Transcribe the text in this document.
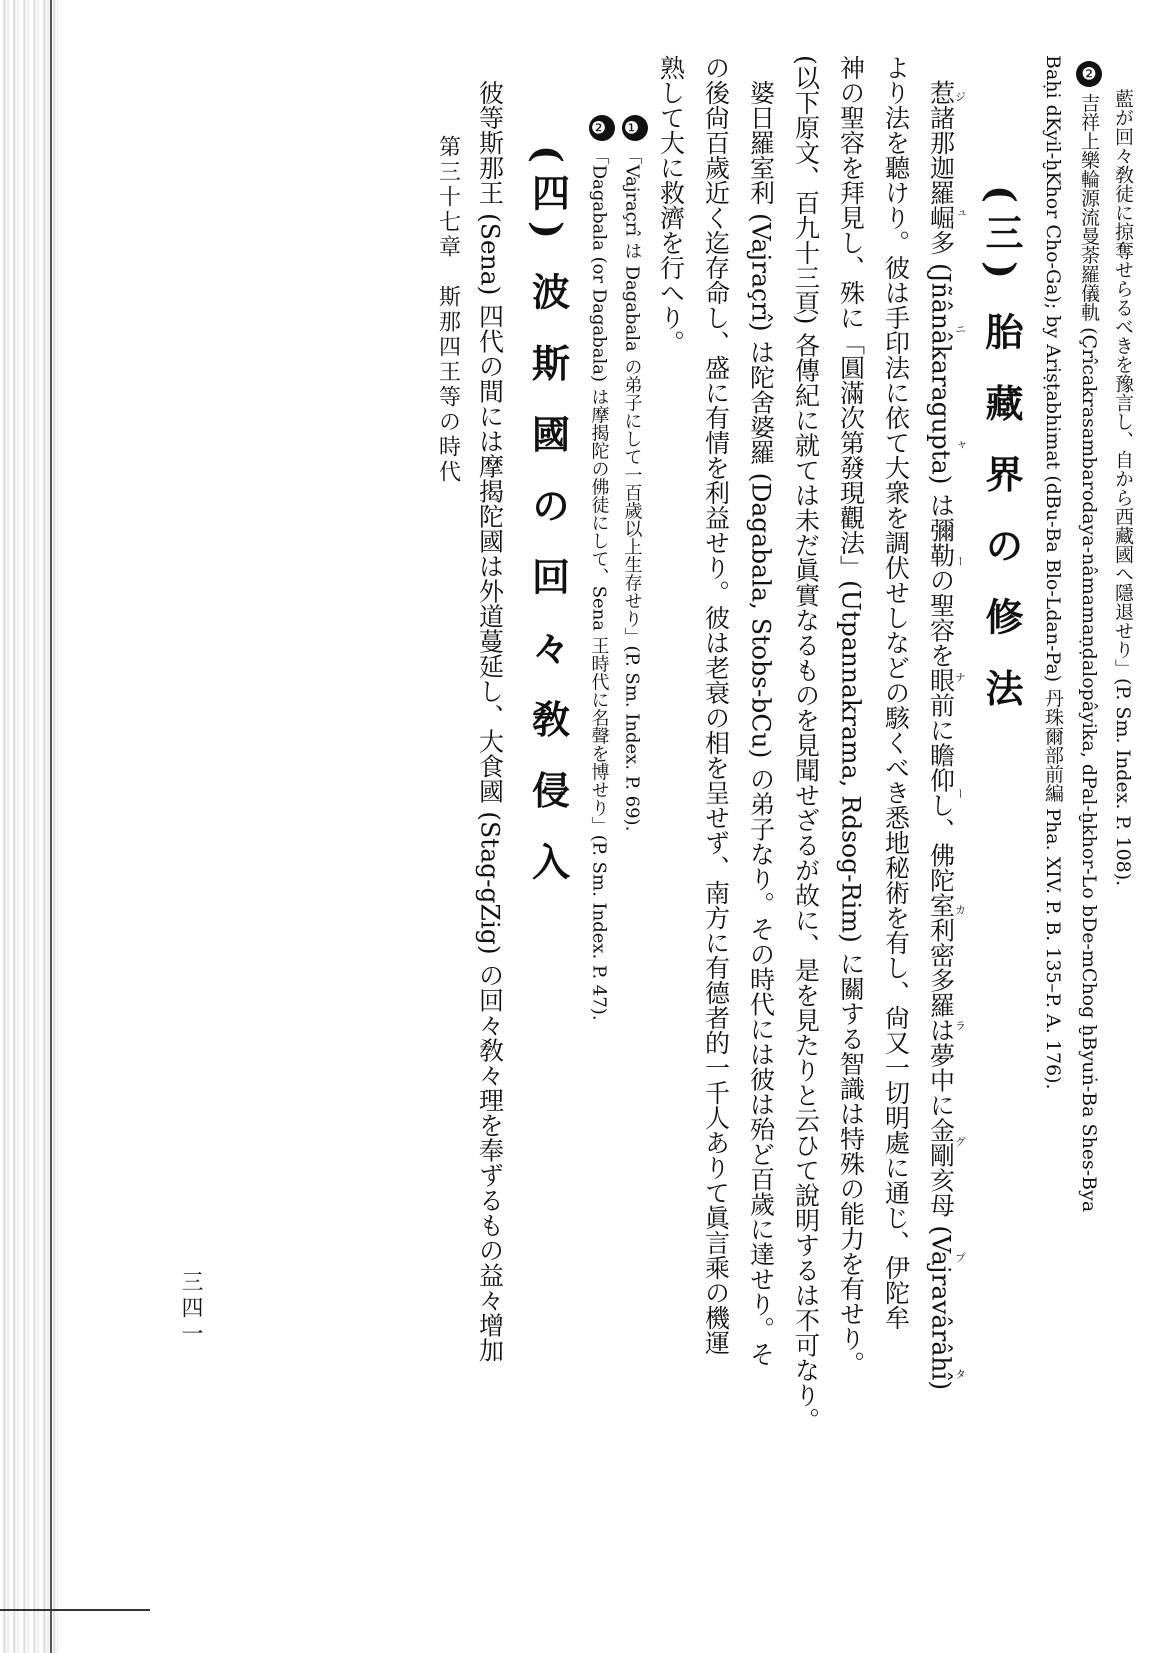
藍が回々敎徒に掠奪せらるべきを豫言し、自から西藏國へ隱退せり」(P. Sm. Index. P. 108).

❷ 吉祥上樂輪源流曼荼羅儀軌 (Çrîcakrasambarodaya-nâmamaṇḍalopâyika, dPal-ḫkhor-Lo bDe-mChog ḫByuṅ-Ba Shes-Bya

Baḥi dKyil-ḫKhor Cho-Ga); by Ariṣṭabhimat (dBu-Ba Blo-Ldan-Pa) 丹珠爾部前編 Pha. XIV. P. B. 135–P. A. 176).

(三) 胎 藏 界 の 修 法

惹諸那迦羅崛多 (Jñânâkaragupta) は彌勒の聖容を眼前に瞻仰し、佛陀室利密多羅は夢中に金剛亥母 (Vajravârâhî)ジュニャーナーカラグプタ

より法を聽けり。彼は手印法に依て大衆を調伏せしなどの駭くべき悉地秘術を有し、尙又一切明處に通じ、伊陀牟

神の聖容を拜見し、殊に「圓滿次第發現觀法」(Utpannakrama, Rdsog-Rim) に關する智識は特殊の能力を有せり。

(以下原文、百九十三頁) 各傳紀に就ては未だ眞實なるものを見聞せざるが故に、是を見たりと云ひて說明するは不可なり。

婆日羅室利 (Vajraçrî) は陀舍婆羅 (Dagabala, Stobs-bCu) の弟子なり。その時代には彼は殆ど百歲に達せり。そ

の後尙百歲近く迄存命し、盛に有情を利益せり。彼は老衰の相を呈せず、南方に有德者的一千人ありて眞言乘の機運

熟して大に救濟を行へり。

❶ 「Vajraçrî は Dagabala の弟子にして一百歲以上生存せり」(P. Sm. Index. P. 69).

❷ 「Dagabala (or Dagabala) は摩揭陀の佛徒にして、Sena 王時代に名聲を博せり」(P. Sm. Index. P. 47).

(四) 波 斯 國 の 回 々 敎 侵 入

彼等斯那王 (Sena) 四代の間には摩揭陀國は外道蔓延し、大食國 (Stag-gZig) の回々敎々理を奉ずるもの益々增加

第三十七章　斯那四王等の時代

三四一
